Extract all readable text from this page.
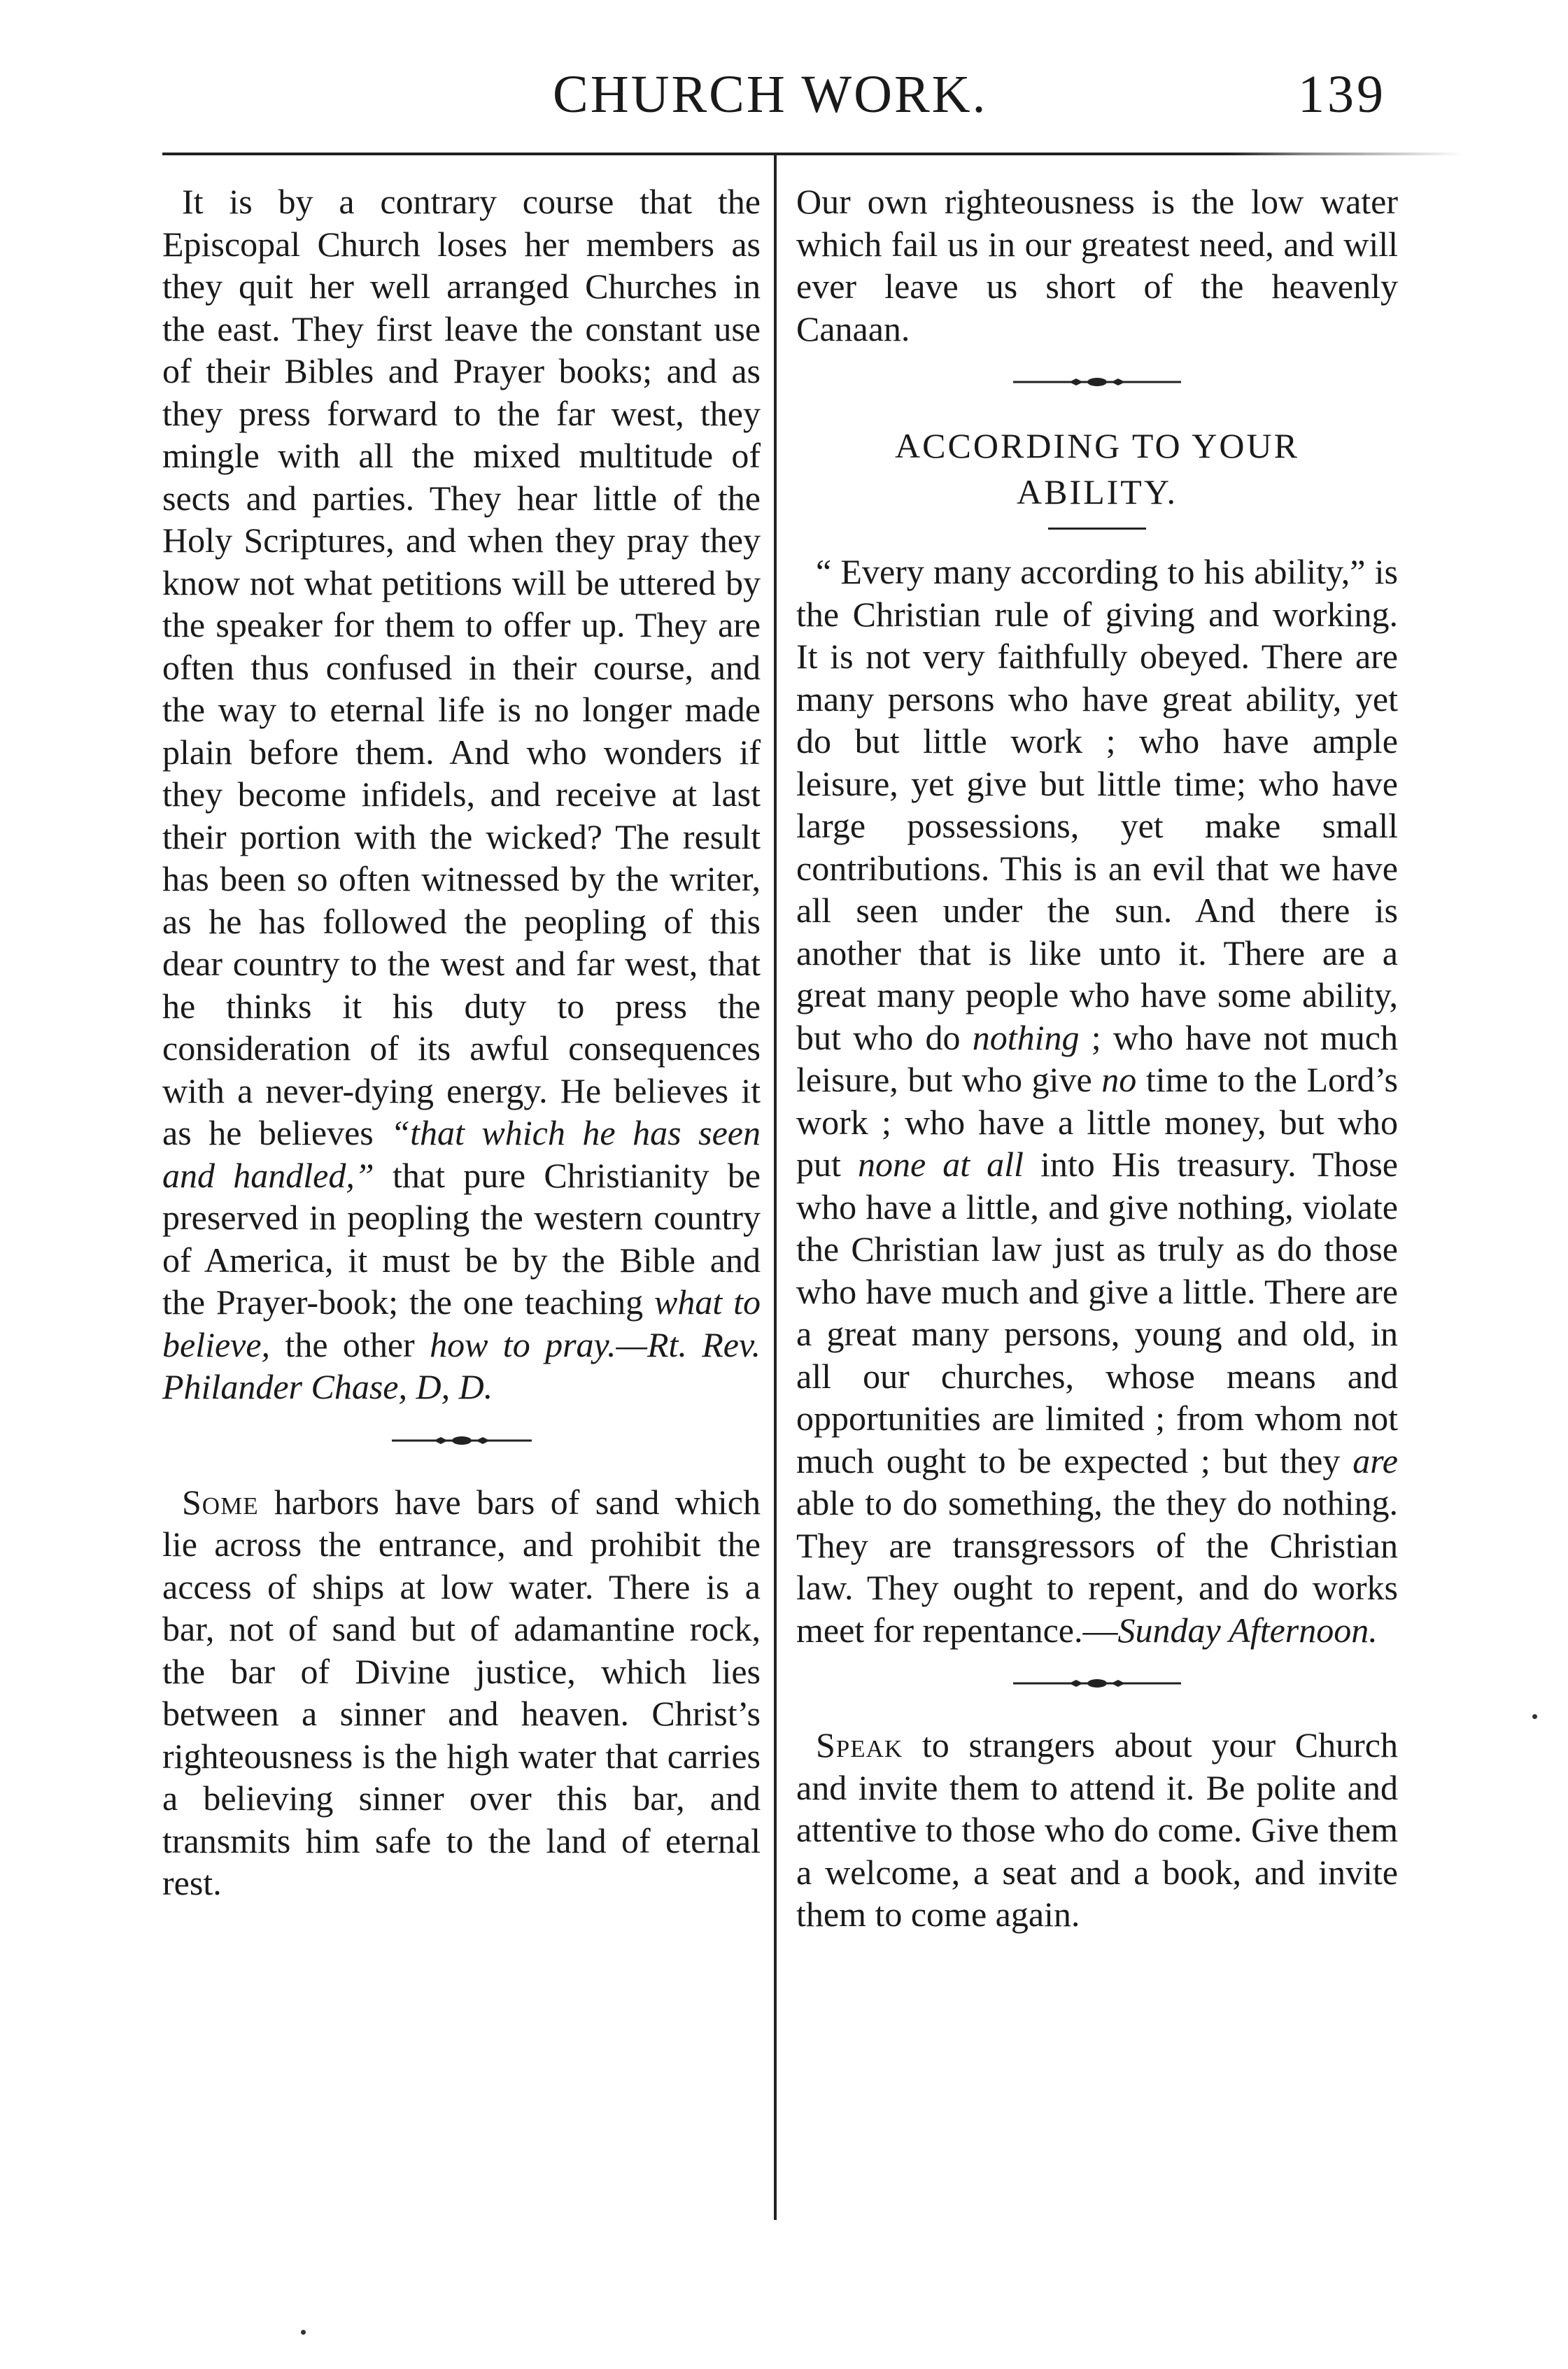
CHURCH WORK.	139

It is by a contrary course that the Episcopal Church loses her members as they quit her well arranged Churches in the east. They first leave the constant use of their Bibles and Prayer books; and as they press forward to the far west, they mingle with all the mixed multitude of sects and parties. They hear little of the Holy Scriptures, and when they pray they know not what petitions will be uttered by the speaker for them to offer up. They are often thus confused in their course, and the way to eternal life is no longer made plain before them. And who wonders if they become infidels, and receive at last their portion with the wicked? The result has been so often witnessed by the writer, as he has followed the peopling of this dear country to the west and far west, that he thinks it his duty to press the consideration of its awful consequences with a never-dying energy. He believes it as he believes “that which he has seen and handled,” that pure Christianity be preserved in peopling the western country of America, it must be by the Bible and the Prayer-book; the one teaching what to believe, the other how to pray.—Rt. Rev. Philander Chase, D, D.

Some harbors have bars of sand which lie across the entrance, and prohibit the access of ships at low water. There is a bar, not of sand but of adamantine rock, the bar of Divine justice, which lies between a sinner and heaven. Christ’s righteousness is the high water that carries a believing sinner over this bar, and transmits him safe to the land of eternal rest.

Our own righteousness is the low water which fail us in our greatest need, and will ever leave us short of the heavenly Canaan.

ACCORDING TO YOUR
ABILITY.

“ Every many according to his ability,” is the Christian rule of giving and working. It is not very faithfully obeyed. There are many persons who have great ability, yet do but little work ; who have ample leisure, yet give but little time; who have large possessions, yet make small contributions. This is an evil that we have all seen under the sun. And there is another that is like unto it. There are a great many people who have some ability, but who do nothing ; who have not much leisure, but who give no time to the Lord’s work ; who have a little money, but who put none at all into His treasury. Those who have a little, and give nothing, violate the Christian law just as truly as do those who have much and give a little. There are a great many persons, young and old, in all our churches, whose means and opportunities are limited ; from whom not much ought to be expected ; but they are able to do something, the they do nothing. They are transgressors of the Christian law. They ought to repent, and do works meet for repentance.—Sunday Afternoon.

Speak to strangers about your Church and invite them to attend it. Be polite and attentive to those who do come. Give them a welcome, a seat and a book, and invite them to come again.
